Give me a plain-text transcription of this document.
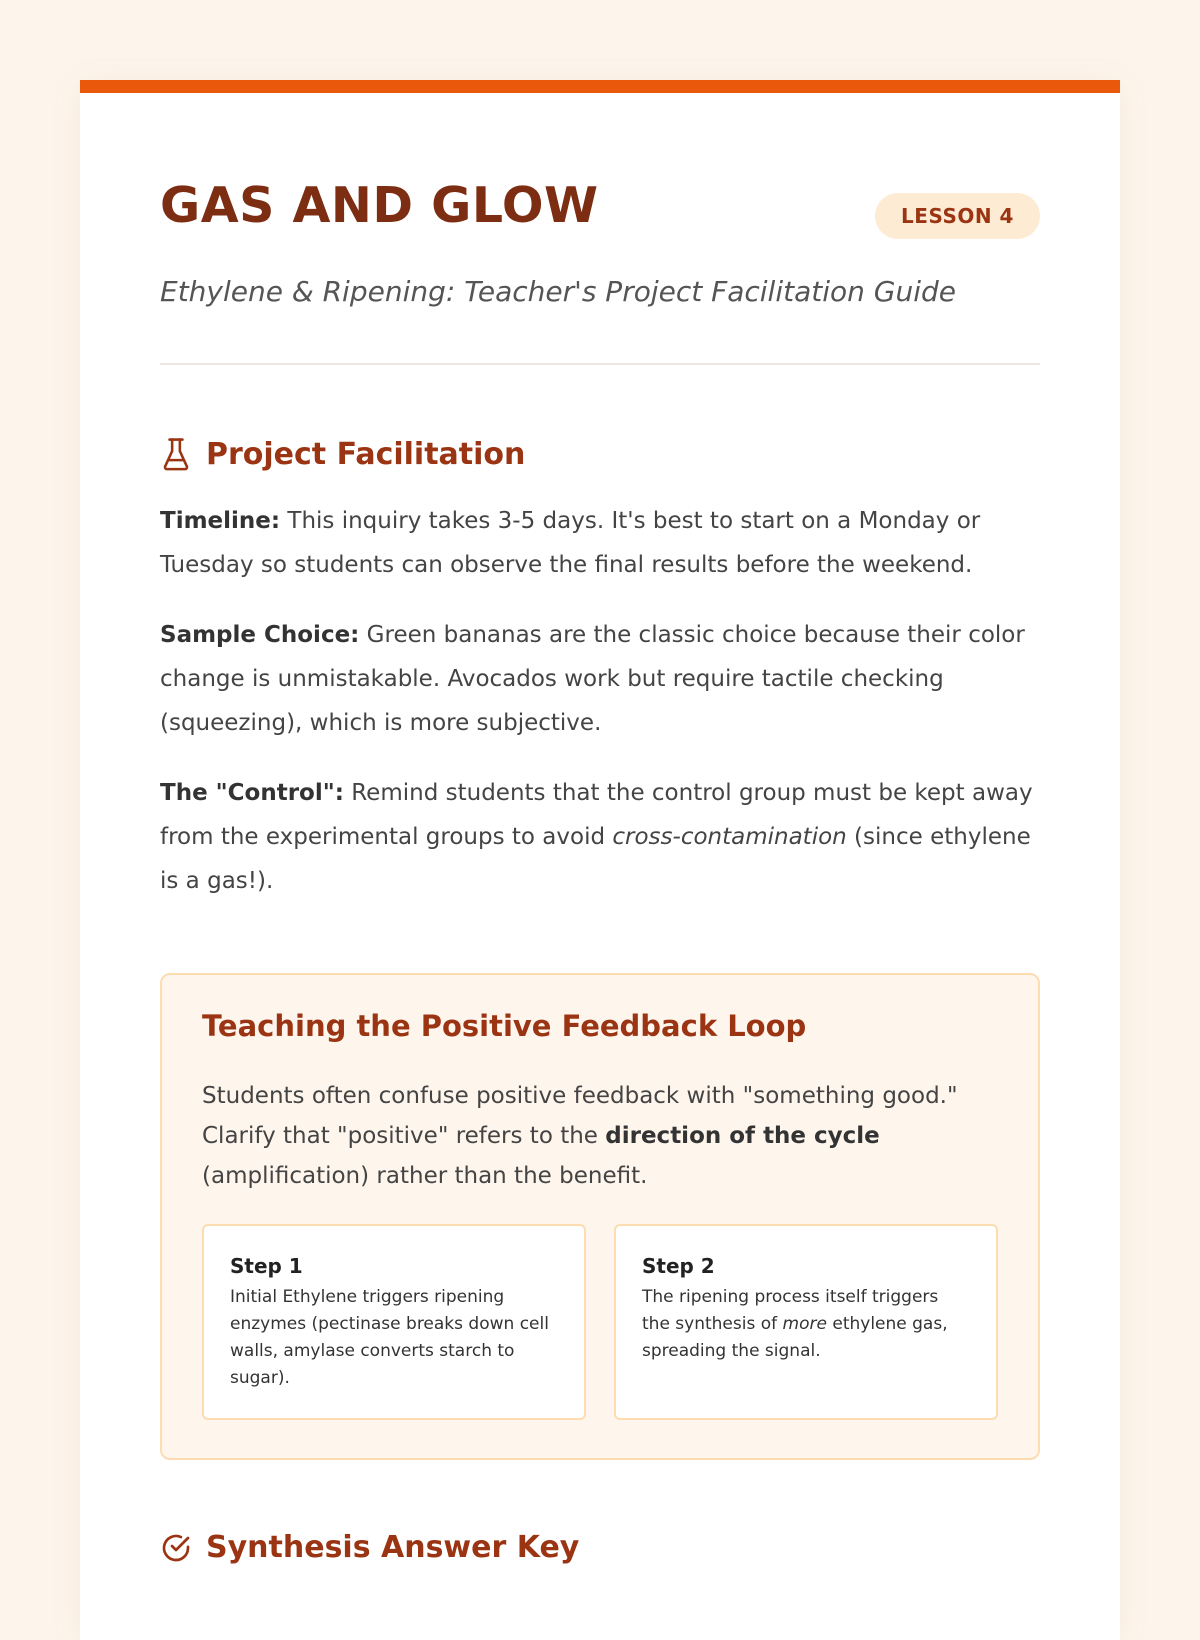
GAS AND GLOW	LESSON 4

Ethylene & Ripening: Teacher's Project Facilitation Guide

Project Facilitation

Timeline: This inquiry takes 3-5 days. It's best to start on a Monday or Tuesday so students can observe the final results before the weekend.

Sample Choice: Green bananas are the classic choice because their color change is unmistakable. Avocados work but require tactile checking (squeezing), which is more subjective.

The "Control": Remind students that the control group must be kept away from the experimental groups to avoid cross-contamination (since ethylene is a gas!).

Teaching the Positive Feedback Loop

Students often confuse positive feedback with "something good." Clarify that "positive" refers to the direction of the cycle (amplification) rather than the benefit.

Step 1

Initial Ethylene triggers ripening enzymes (pectinase breaks down cell walls, amylase converts starch to sugar).

Step 2

The ripening process itself triggers the synthesis of more ethylene gas, spreading the signal.

Synthesis Answer Key
